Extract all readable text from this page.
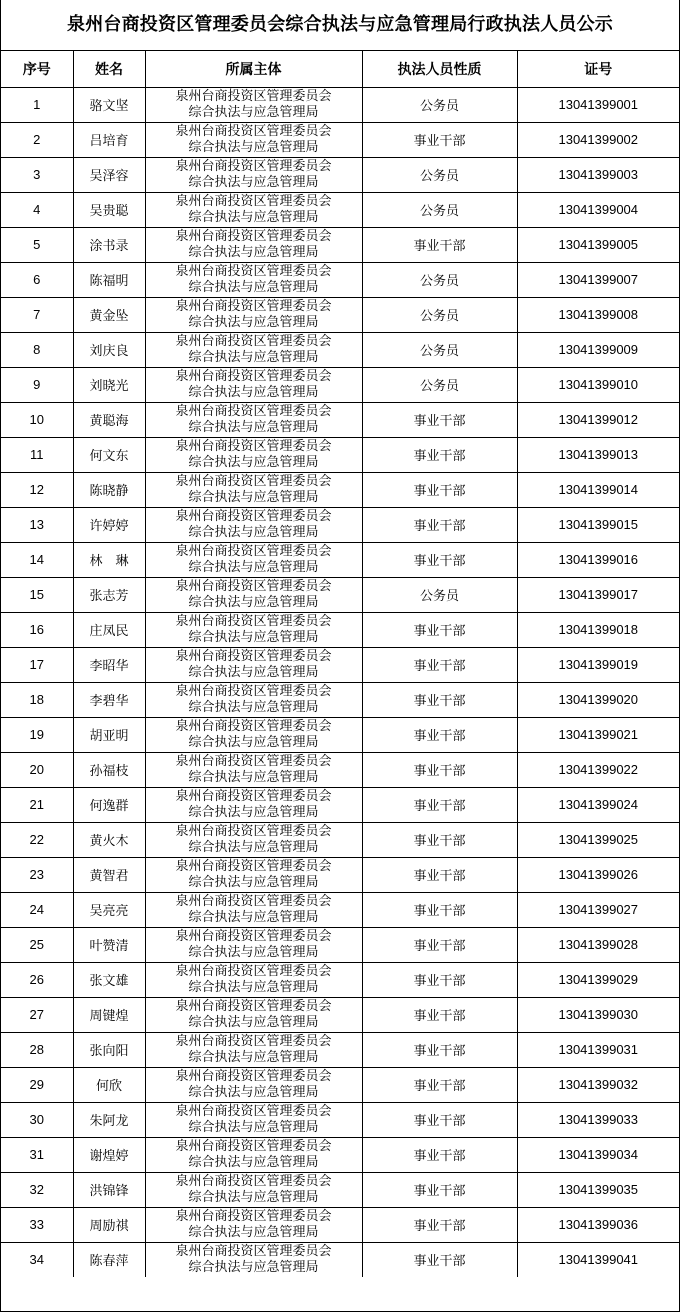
泉州台商投资区管理委员会综合执法与应急管理局行政执法人员公示
序号	姓名	所属主体	执法人员性质	证号
1	骆文坚	泉州台商投资区管理委员会
综合执法与应急管理局	公务员	13041399001
2	吕培育	泉州台商投资区管理委员会
综合执法与应急管理局	事业干部	13041399002
3	吴泽容	泉州台商投资区管理委员会
综合执法与应急管理局	公务员	13041399003
4	吴贵聪	泉州台商投资区管理委员会
综合执法与应急管理局	公务员	13041399004
5	涂书录	泉州台商投资区管理委员会
综合执法与应急管理局	事业干部	13041399005
6	陈福明	泉州台商投资区管理委员会
综合执法与应急管理局	公务员	13041399007
7	黄金坠	泉州台商投资区管理委员会
综合执法与应急管理局	公务员	13041399008
8	刘庆良	泉州台商投资区管理委员会
综合执法与应急管理局	公务员	13041399009
9	刘晓光	泉州台商投资区管理委员会
综合执法与应急管理局	公务员	13041399010
10	黄聪海	泉州台商投资区管理委员会
综合执法与应急管理局	事业干部	13041399012
11	何文东	泉州台商投资区管理委员会
综合执法与应急管理局	事业干部	13041399013
12	陈晓静	泉州台商投资区管理委员会
综合执法与应急管理局	事业干部	13041399014
13	许婷婷	泉州台商投资区管理委员会
综合执法与应急管理局	事业干部	13041399015
14	林　琳	泉州台商投资区管理委员会
综合执法与应急管理局	事业干部	13041399016
15	张志芳	泉州台商投资区管理委员会
综合执法与应急管理局	公务员	13041399017
16	庄凤民	泉州台商投资区管理委员会
综合执法与应急管理局	事业干部	13041399018
17	李昭华	泉州台商投资区管理委员会
综合执法与应急管理局	事业干部	13041399019
18	李碧华	泉州台商投资区管理委员会
综合执法与应急管理局	事业干部	13041399020
19	胡亚明	泉州台商投资区管理委员会
综合执法与应急管理局	事业干部	13041399021
20	孙福枝	泉州台商投资区管理委员会
综合执法与应急管理局	事业干部	13041399022
21	何逸群	泉州台商投资区管理委员会
综合执法与应急管理局	事业干部	13041399024
22	黄火木	泉州台商投资区管理委员会
综合执法与应急管理局	事业干部	13041399025
23	黄智君	泉州台商投资区管理委员会
综合执法与应急管理局	事业干部	13041399026
24	吴亮亮	泉州台商投资区管理委员会
综合执法与应急管理局	事业干部	13041399027
25	叶赞清	泉州台商投资区管理委员会
综合执法与应急管理局	事业干部	13041399028
26	张文雄	泉州台商投资区管理委员会
综合执法与应急管理局	事业干部	13041399029
27	周键煌	泉州台商投资区管理委员会
综合执法与应急管理局	事业干部	13041399030
28	张向阳	泉州台商投资区管理委员会
综合执法与应急管理局	事业干部	13041399031
29	何欣	泉州台商投资区管理委员会
综合执法与应急管理局	事业干部	13041399032
30	朱阿龙	泉州台商投资区管理委员会
综合执法与应急管理局	事业干部	13041399033
31	谢煌婷	泉州台商投资区管理委员会
综合执法与应急管理局	事业干部	13041399034
32	洪锦锋	泉州台商投资区管理委员会
综合执法与应急管理局	事业干部	13041399035
33	周励祺	泉州台商投资区管理委员会
综合执法与应急管理局	事业干部	13041399036
34	陈春萍	泉州台商投资区管理委员会
综合执法与应急管理局	事业干部	13041399041
